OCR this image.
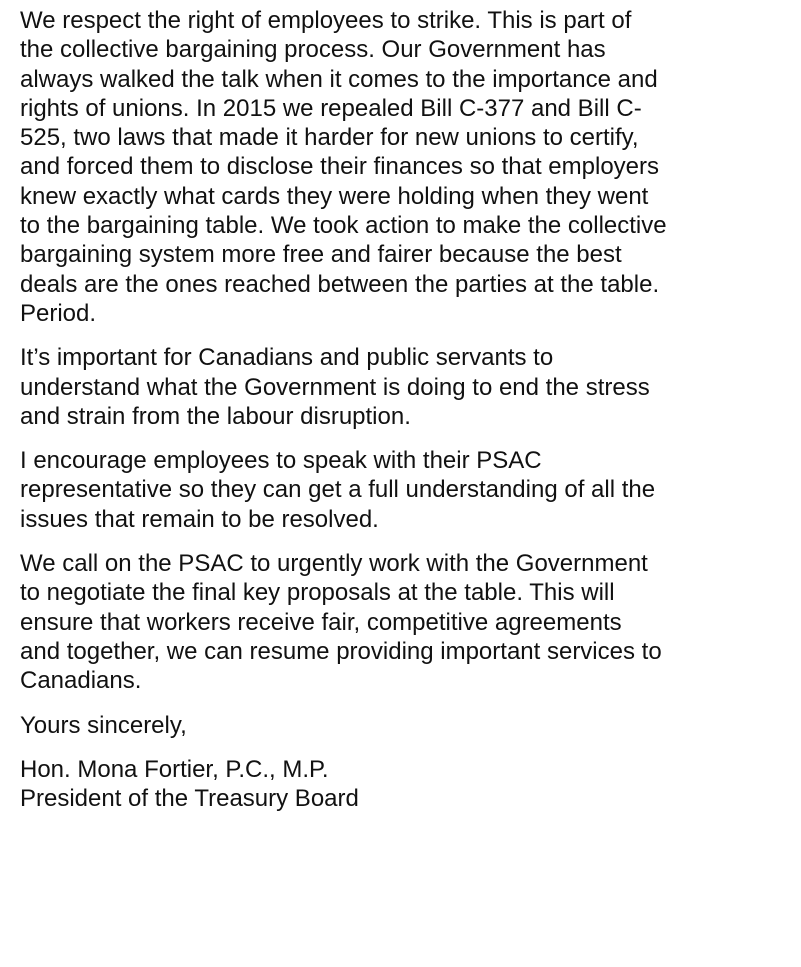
We respect the right of employees to strike. This is part of
the collective bargaining process. Our Government has
always walked the talk when it comes to the importance and
rights of unions. In 2015 we repealed Bill C-377 and Bill C-
525, two laws that made it harder for new unions to certify,
and forced them to disclose their finances so that employers
knew exactly what cards they were holding when they went
to the bargaining table. We took action to make the collective
bargaining system more free and fairer because the best
deals are the ones reached between the parties at the table.
Period.
It’s important for Canadians and public servants to
understand what the Government is doing to end the stress
and strain from the labour disruption.
I encourage employees to speak with their PSAC
representative so they can get a full understanding of all the
issues that remain to be resolved.
We call on the PSAC to urgently work with the Government
to negotiate the final key proposals at the table. This will
ensure that workers receive fair, competitive agreements
and together, we can resume providing important services to
Canadians.
Yours sincerely,
Hon. Mona Fortier, P.C., M.P.
President of the Treasury Board
